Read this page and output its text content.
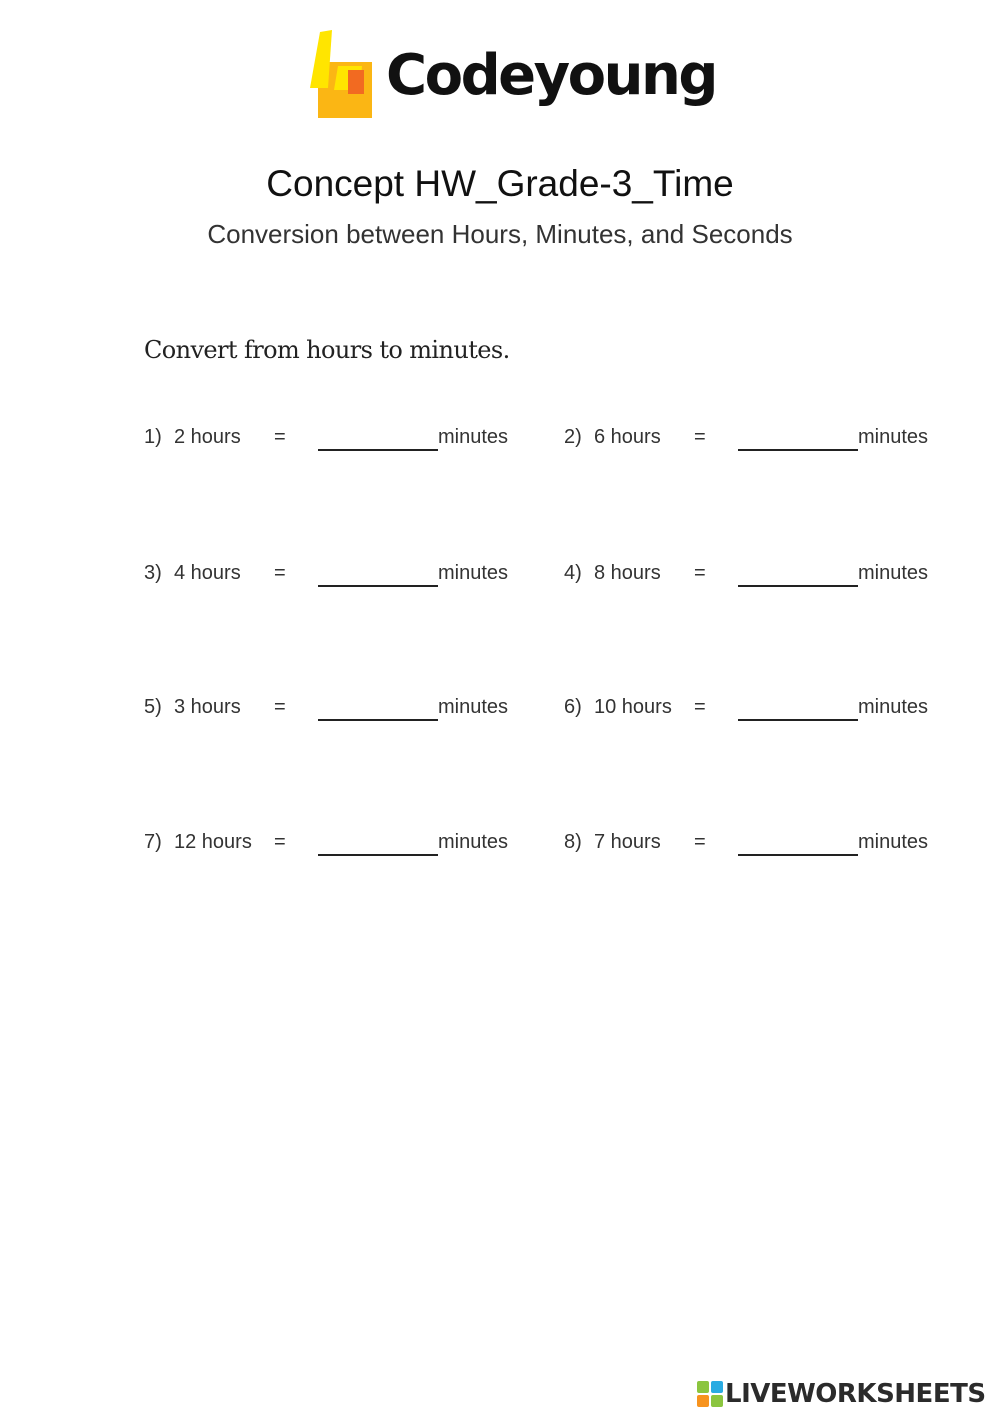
Codeyoung
Concept HW_Grade-3_Time
Conversion between Hours, Minutes, and Seconds
Convert from hours to minutes.
1) 2 hours =	minutes	2) 6 hours =	minutes
3) 4 hours =	minutes	4) 8 hours =	minutes
5) 3 hours =	minutes	6) 10 hours =	minutes
7) 12 hours =	minutes	8) 7 hours =	minutes
LIVEWORKSHEETS
